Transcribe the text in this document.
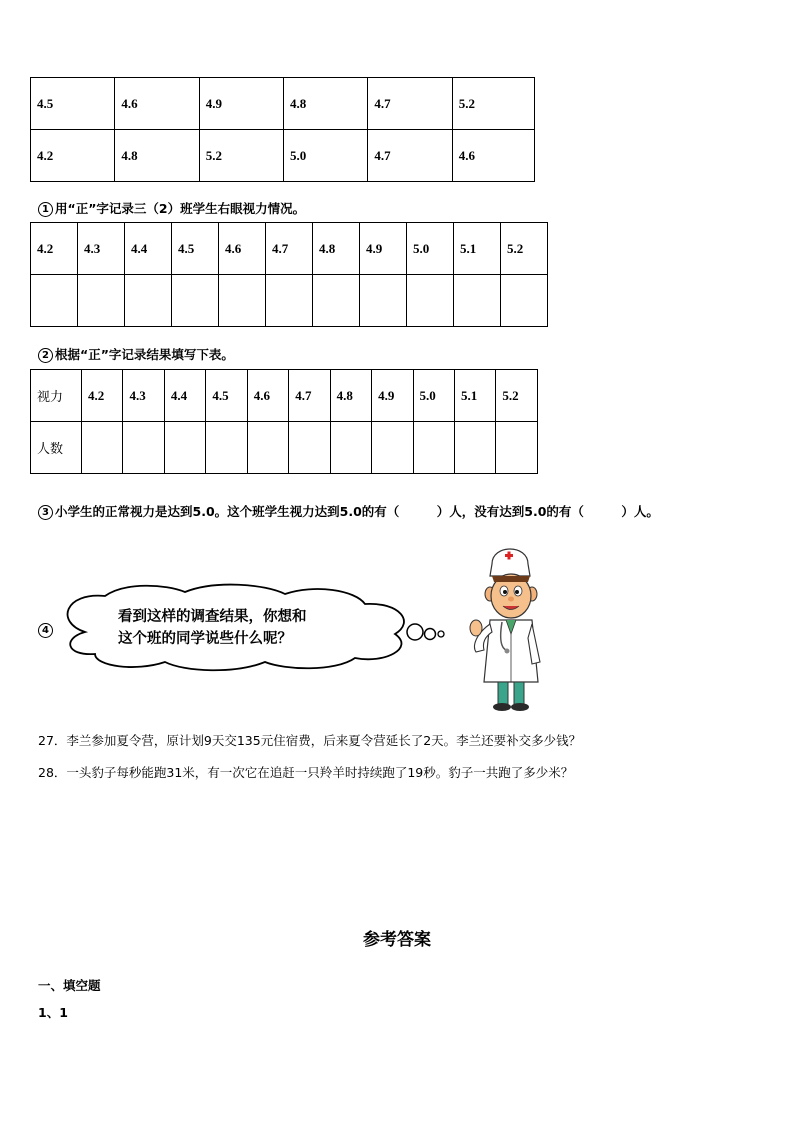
4.5	4.6	4.9	4.8	4.7	5.2
4.2	4.8	5.2	5.0	4.7	4.6
1 用“正”字记录三（2）班学生右眼视力情况。
4.2	4.3	4.4	4.5	4.6	4.7	4.8	4.9	5.0	5.1	5.2

2 根据“正”字记录结果填写下表。
视力	4.2	4.3	4.4	4.5	4.6	4.7	4.8	4.9	5.0	5.1	5.2
人数											
3 小学生的正常视力是达到5.0。这个班学生视力达到5.0的有（　　　）人，没有达到5.0的有（　　　）人。
4
看到这样的调查结果，你想和
这个班的同学说些什么呢？
27．李兰参加夏令营，原计划9天交135元住宿费，后来夏令营延长了2天。李兰还要补交多少钱？
28．一头豹子每秒能跑31米，有一次它在追赶一只羚羊时持续跑了19秒。豹子一共跑了多少米？
参考答案
一、填空题
1、1
